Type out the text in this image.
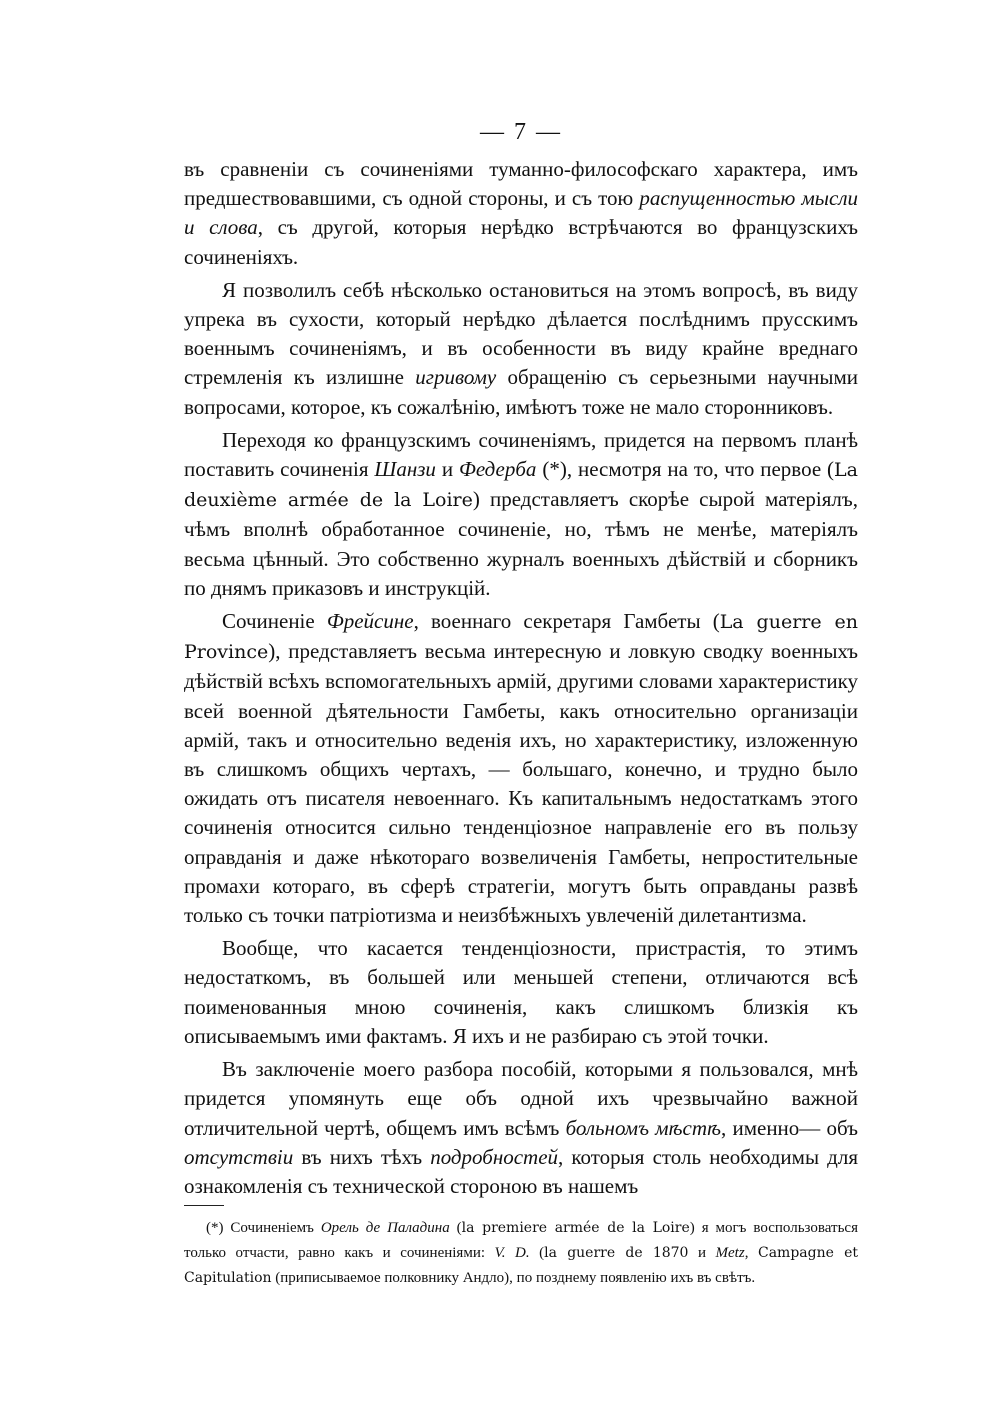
— 7 —

въ сравненіи съ сочиненіями туманно-философскаго характера, имъ предшествовавшими, съ одной стороны, и съ тою распущенностью мысли и слова, съ другой, которыя нерѣдко встрѣчаются во французскихъ сочиненіяхъ.

Я позволилъ себѣ нѣсколько остановиться на этомъ вопросѣ, въ виду упрека въ сухости, который нерѣдко дѣлается послѣднимъ прусскимъ военнымъ сочиненіямъ, и въ особенности въ виду крайне вреднаго стремленія къ излишне игривому обращенію съ серьезными научными вопросами, которое, къ сожалѣнію, имѣютъ тоже не мало сторонниковъ.

Переходя ко французскимъ сочиненіямъ, придется на первомъ планѣ поставить сочиненія Шанзи и Федерба (*), несмотря на то, что первое (La deuxième armée de la Loire) представляетъ скорѣе сырой матеріялъ, чѣмъ вполнѣ обработанное сочиненіе, но, тѣмъ не менѣе, матеріялъ весьма цѣнный. Это собственно журналъ военныхъ дѣйствій и сборникъ по днямъ приказовъ и инструкцій.

Сочиненіе Фрейсине, военнаго секретаря Гамбеты (La guerre en Province), представляетъ весьма интересную и ловкую сводку военныхъ дѣйствій всѣхъ вспомогательныхъ армій, другими словами характеристику всей военной дѣятельности Гамбеты, какъ относительно организаціи армій, такъ и относительно веденія ихъ, но характеристику, изложенную въ слишкомъ общихъ чертахъ, — большаго, конечно, и трудно было ожидать отъ писателя невоеннаго. Къ капитальнымъ недостаткамъ этого сочиненія относится сильно тенденціозное направленіе его въ пользу оправданія и даже нѣкотораго возвеличенія Гамбеты, непростительные промахи котораго, въ сферѣ стратегіи, могутъ быть оправданы развѣ только съ точки патріотизма и неизбѣжныхъ увлеченій дилетантизма.

Вообще, что касается тенденціозности, пристрастія, то этимъ недостаткомъ, въ большей или меньшей степени, отличаются всѣ поименованныя мною сочиненія, какъ слишкомъ близкія къ описываемымъ ими фактамъ. Я ихъ и не разбираю съ этой точки.

Въ заключеніе моего разбора пособій, которыми я пользовался, мнѣ придется упомянуть еще объ одной ихъ чрезвычайно важной отличительной чертѣ, общемъ имъ всѣмъ больномъ мѣстѣ, именно— объ отсутствіи въ нихъ тѣхъ подробностей, которыя столь необходимы для ознакомленія съ технической стороною въ нашемъ

(*) Сочиненіемъ Орель де Паладина (la premiere armée de la Loire) я могъ воспользоваться только отчасти, равно какъ и сочиненіями: V. D. (la guerre de 1870 и Metz, Campagne et Capitulation (приписываемое полковнику Андло), по позднему появленію ихъ въ свѣтъ.
